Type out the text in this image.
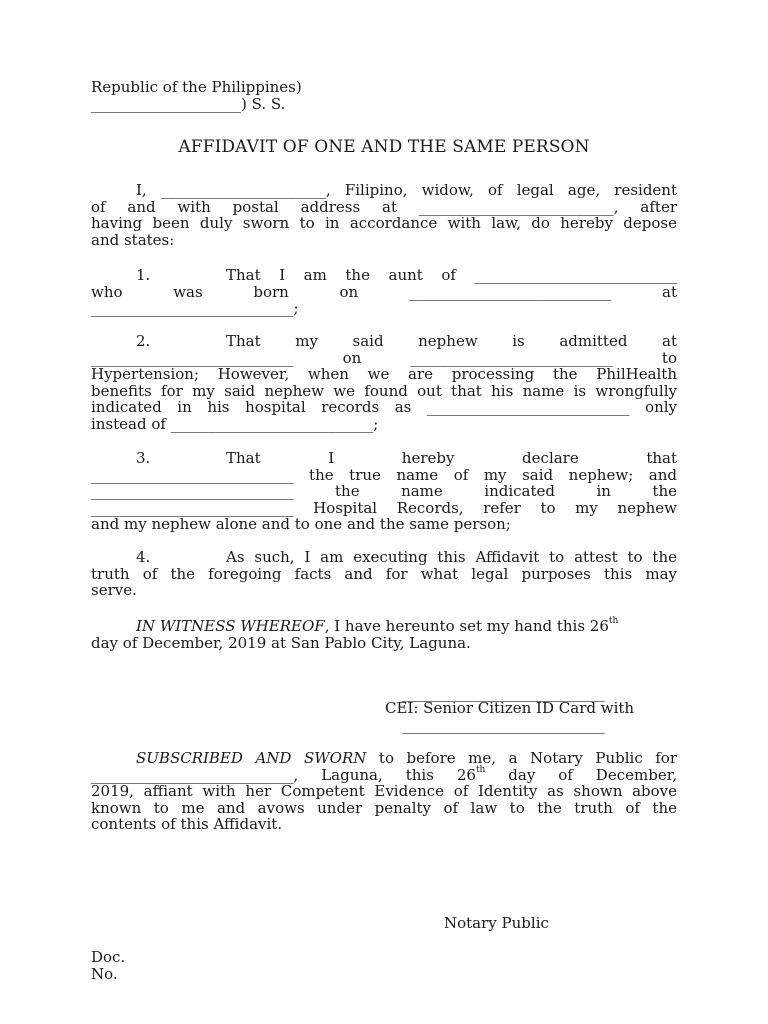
Republic of the Philippines)
____________________) S. S.
AFFIDAVIT OF ONE AND THE SAME PERSON
I, ______________________, Filipino, widow, of legal age, resident
of and with postal address at __________________________, after
having been duly sworn to in accordance with law, do hereby depose
and states:
1.	That I am the aunt of ___________________________
who was born on ___________________________ at
___________________________;
2.	That my said nephew is admitted at
___________________________ on ___________________________ to
Hypertension; However, when we are processing the PhilHealth
benefits for my said nephew we found out that his name is wrongfully
indicated in his hospital records as ___________________________ only
instead of ___________________________;
3.	That I hereby declare that
___________________________ the true name of my said nephew; and
___________________________ the name indicated in the
___________________________ Hospital Records, refer to my nephew
and my nephew alone and to one and the same person;
4.	As such, I am executing this Affidavit to attest to the
truth of the foregoing facts and for what legal purposes this may
serve.
IN WITNESS WHEREOF, I have hereunto set my hand this 26th
day of December, 2019 at San Pablo City, Laguna.
___________________________
CEI: Senior Citizen ID Card with
___________________________
SUBSCRIBED AND SWORN to before me, a Notary Public for
___________________________, Laguna, this 26th day of December,
2019, affiant with her Competent Evidence of Identity as shown above
known to me and avows under penalty of law to the truth of the
contents of this Affidavit.
Notary Public
Doc.
No.
